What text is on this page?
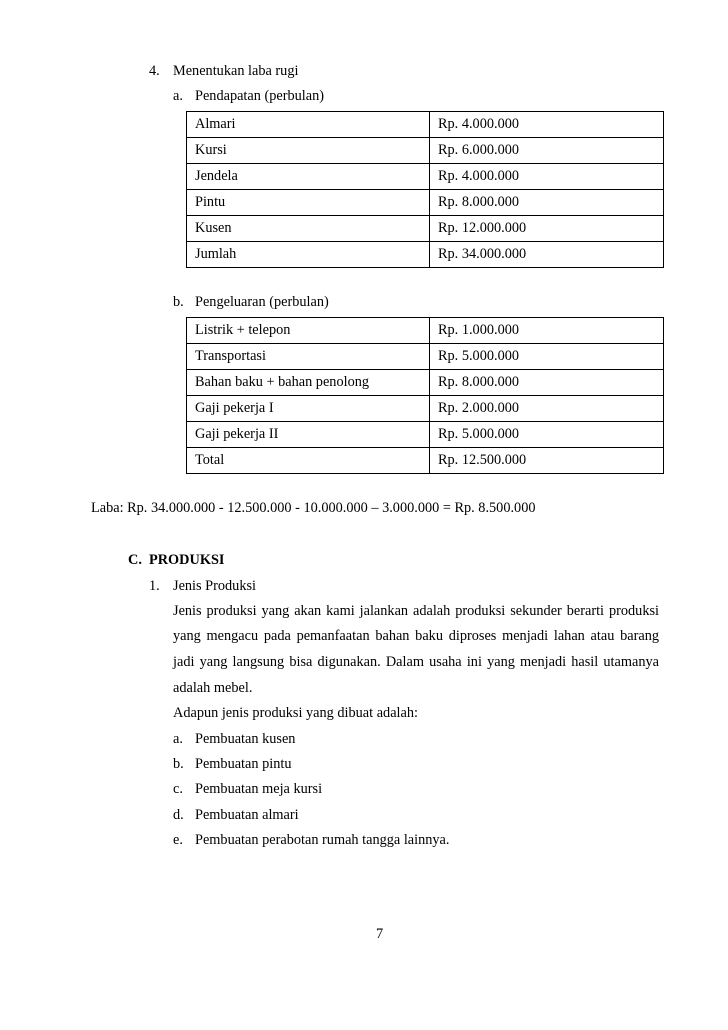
4. Menentukan laba rugi
a. Pendapatan (perbulan)
Almari	Rp. 4.000.000
Kursi	Rp. 6.000.000
Jendela	Rp. 4.000.000
Pintu	Rp. 8.000.000
Kusen	Rp. 12.000.000
Jumlah	Rp. 34.000.000
b. Pengeluaran (perbulan)
Listrik + telepon	Rp. 1.000.000
Transportasi	Rp. 5.000.000
Bahan baku + bahan penolong	Rp. 8.000.000
Gaji pekerja I	Rp. 2.000.000
Gaji pekerja II	Rp. 5.000.000
Total	Rp. 12.500.000
Laba: Rp. 34.000.000 - 12.500.000 - 10.000.000 – 3.000.000 = Rp. 8.500.000
C. PRODUKSI
1. Jenis Produksi
Jenis produksi yang akan kami jalankan adalah produksi sekunder berarti produksi
yang mengacu pada pemanfaatan bahan baku diproses menjadi lahan atau barang
jadi yang langsung bisa digunakan. Dalam usaha ini yang menjadi hasil utamanya
adalah mebel.
Adapun jenis produksi yang dibuat adalah:
a. Pembuatan kusen
b. Pembuatan pintu
c. Pembuatan meja kursi
d. Pembuatan almari
e. Pembuatan perabotan rumah tangga lainnya.
7
